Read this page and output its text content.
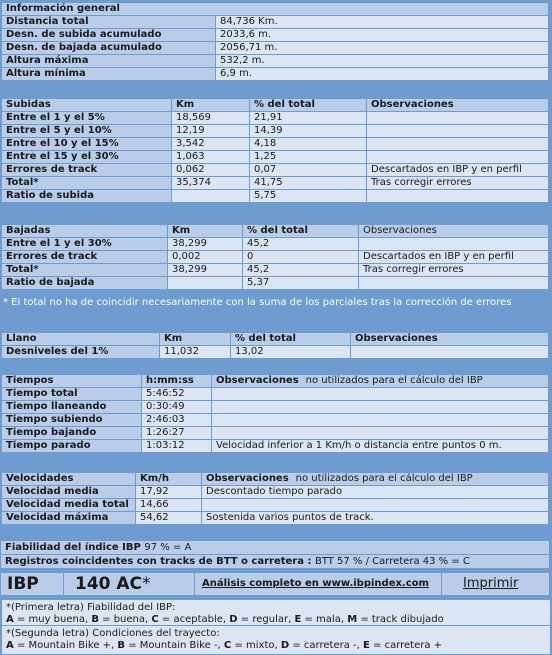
Información general	
Distancia total	84,736 Km.
Desn. de subida acumulado	2033,6 m.
Desn. de bajada acumulado	2056,71 m.
Altura máxima	532,2 m.
Altura mínima	6,9 m.
Subidas	Km	% del total	Observaciones
Entre el 1 y el 5%	18,569	21,91	
Entre el 5 y el 10%	12,19	14,39	
Entre el 10 y el 15%	3,542	4,18	
Entre el 15 y el 30%	1,063	1,25	
Errores de track	0,062	0,07	Descartados en IBP y en perfil
Total*	35,374	41,75	Tras corregir errores
Ratio de subida		5,75	
Bajadas	Km	% del total	Observaciones
Entre el 1 y el 30%	38,299	45,2	
Errores de track	0,002	0	Descartados en IBP y en perfil
Total*	38,299	45,2	Tras corregir errores
Ratio de bajada		5,37	
* El total no ha de coincidir necesariamente con la suma de los parciales tras la corrección de errores
Llano	Km	% del total	Observaciones
Desniveles del 1%	11,032	13,02	
Tiempos	h:mm:ss	Observaciones no utilizados para el cálculo del IBP
Tiempo total	5:46:52	
Tiempo llaneando	0:30:49	
Tiempo subiendo	2:46:03	
Tiempo bajando	1:26:27	
Tiempo parado	1:03:12	Velocidad inferior a 1 Km/h o distancia entre puntos 0 m.
Velocidades	Km/h	Observaciones no utilizados para el cálculo del IBP
Velocidad media	17,92	Descontado tiempo parado
Velocidad media total	14,66	
Velocidad máxima	54,62	Sostenida varios puntos de track.
Fiabilidad del índice IBP 97 % = A
Registros coincidentes con tracks de BTT o carretera : BTT 57 % / Carretera 43 % = C
IBP 140 AC*	Análisis completo en www.ibpindex.com	Imprimir
*(Primera letra) Fiabilidad del IBP:
A = muy buena, B = buena, C = aceptable, D = regular, E = mala, M = track dibujado
*(Segunda letra) Condiciones del trayecto:
A = Mountain Bike +, B = Mountain Bike -, C = mixto, D = carretera -, E = carretera +
